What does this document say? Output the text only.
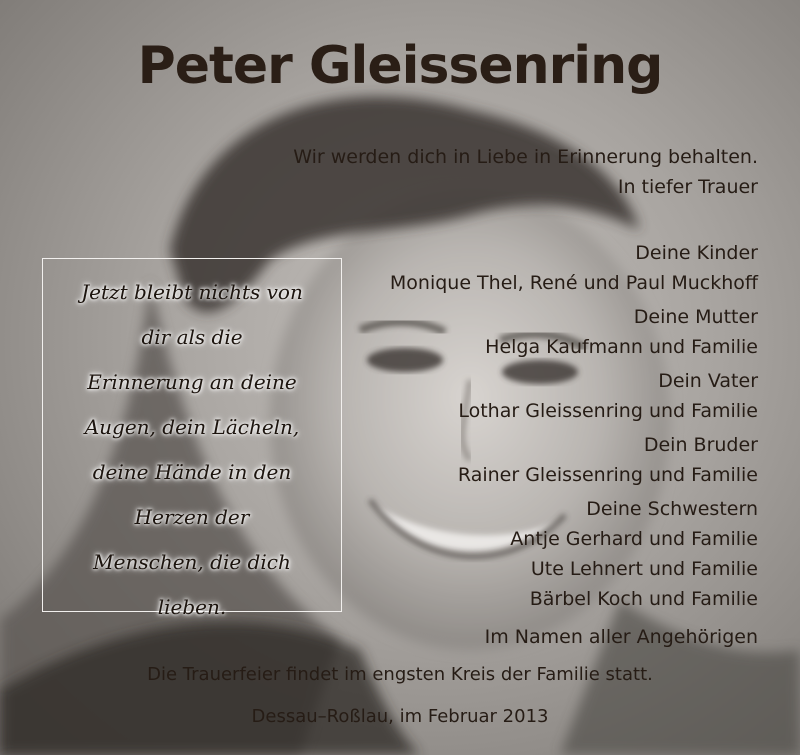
Peter Gleissenring
Wir werden dich in Liebe in Erinnerung behalten.
In tiefer Trauer
Deine Kinder
Monique Thel, René und Paul Muckhoff
Deine Mutter
Helga Kaufmann und Familie
Dein Vater
Lothar Gleissenring und Familie
Dein Bruder
Rainer Gleissenring und Familie
Deine Schwestern
Antje Gerhard und Familie
Ute Lehnert und Familie
Bärbel Koch und Familie
Im Namen aller Angehörigen
Jetzt bleibt nichts von
dir als die
Erinnerung an deine
Augen, dein Lächeln,
deine Hände in den
Herzen der
Menschen, die dich
lieben.
Die Trauerfeier findet im engsten Kreis der Familie statt.
Dessau–Roßlau, im Februar 2013
